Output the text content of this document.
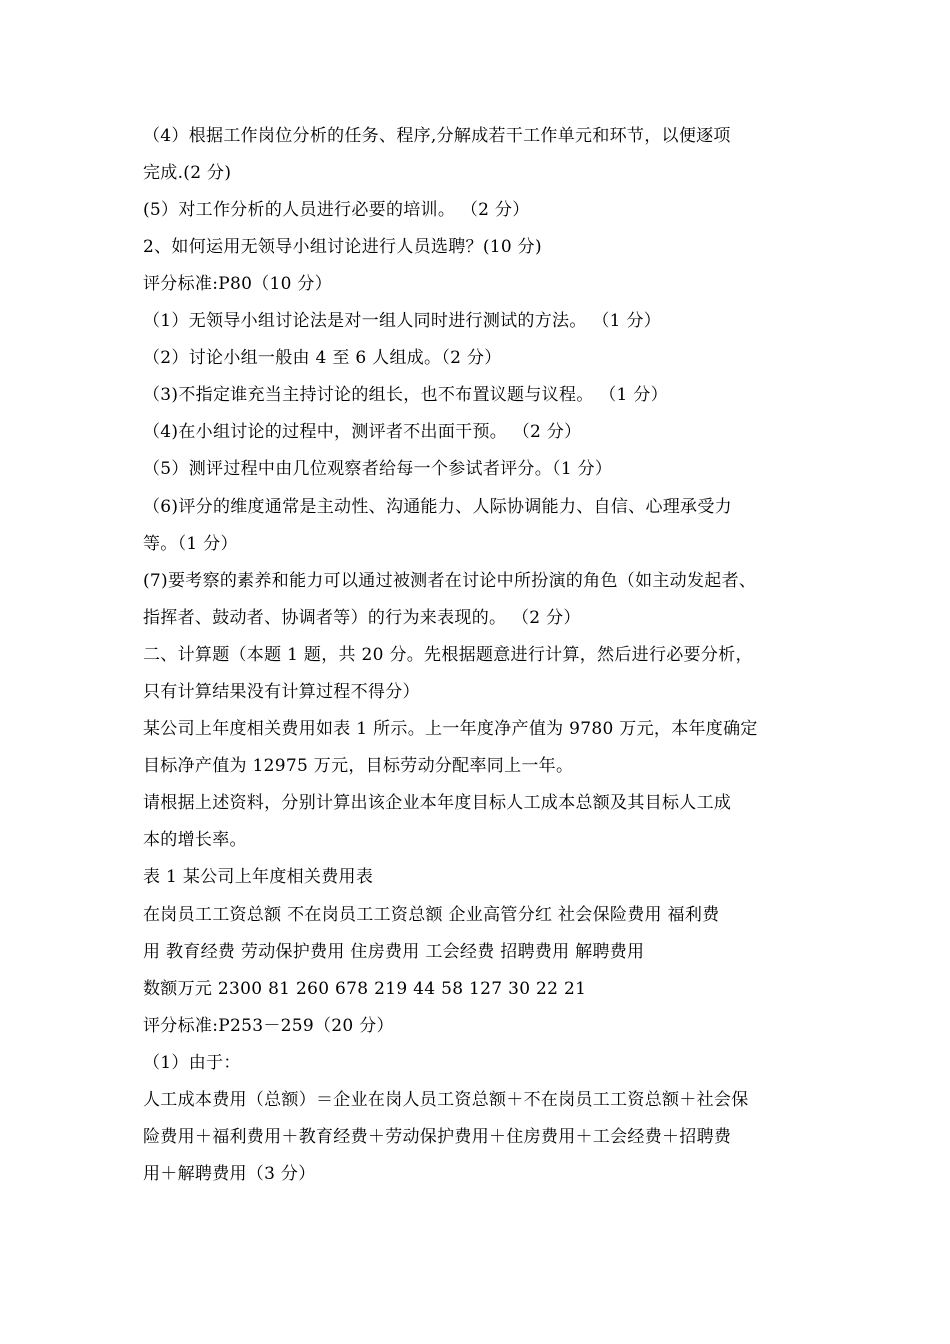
（4）根据工作岗位分析的任务、程序,分解成若干工作单元和环节，以便逐项
完成.(2 分)
(5）对工作分析的人员进行必要的培训。 （2 分）
2、如何运用无领导小组讨论进行人员选聘？(10 分)
评分标准:P80（10 分）
（1）无领导小组讨论法是对一组人同时进行测试的方法。 （1 分）
（2）讨论小组一般由 4 至 6 人组成。（2 分）
（3)不指定谁充当主持讨论的组长，也不布置议题与议程。 （1 分）
（4)在小组讨论的过程中，测评者不出面干预。 （2 分）
（5）测评过程中由几位观察者给每一个参试者评分。（1 分）
（6)评分的维度通常是主动性、沟通能力、人际协调能力、自信、心理承受力
等。（1 分）
(7)要考察的素养和能力可以通过被测者在讨论中所扮演的角色（如主动发起者、
指挥者、鼓动者、协调者等）的行为来表现的。 （2 分）
二、计算题（本题 1 题，共 20 分。先根据题意进行计算，然后进行必要分析，
只有计算结果没有计算过程不得分）
某公司上年度相关费用如表 1 所示。上一年度净产值为 9780 万元，本年度确定
目标净产值为 12975 万元，目标劳动分配率同上一年。
请根据上述资料，分别计算出该企业本年度目标人工成本总额及其目标人工成
本的增长率。
表 1 某公司上年度相关费用表
在岗员工工资总额 不在岗员工工资总额 企业高管分红 社会保险费用 福利费
用 教育经费 劳动保护费用 住房费用 工会经费 招聘费用 解聘费用
数额万元 2300 81 260 678 219 44 58 127 30 22 21
评分标准:P253－259（20 分）
（1）由于：
人工成本费用（总额）＝企业在岗人员工资总额＋不在岗员工工资总额＋社会保
险费用＋福利费用＋教育经费＋劳动保护费用＋住房费用＋工会经费＋招聘费
用＋解聘费用（3 分）
